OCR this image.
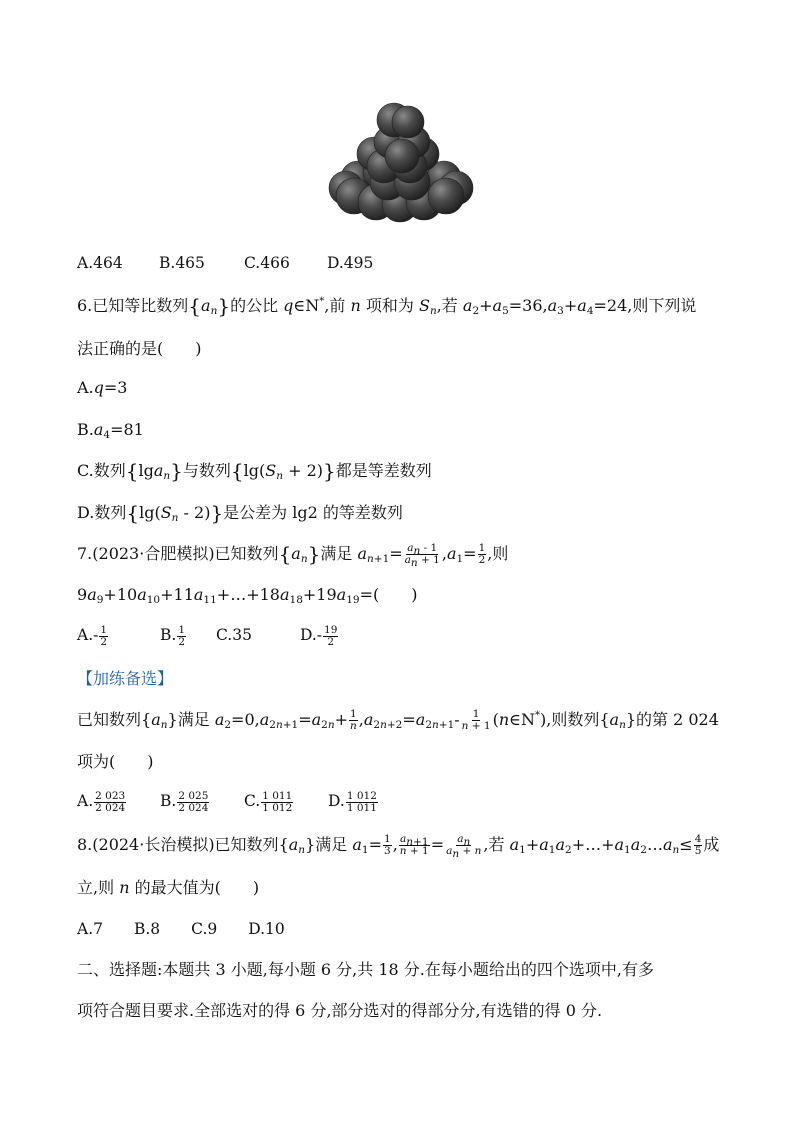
A.464 B.465	C.466 D.495
6.已知等比数列$\{a_n\}$的公比 q∈N*,前 n 项和为 $S_n$,若 $a_2+a_5=36,a_3+a_4=24$,则下列说
法正确的是(　　)
A.q=3
$B.a_4=81$
C.数列{lga$_n$}与数列$\{\lg(S_n + 2)\}$都是等差数列
D.数列$\{\lg(S_n - 2)\}$是公差为 lg2 的等差数列
7.(2023·合肥模拟)已知数列$\{a_n\}$满足 $a_{n+1}= \frac{a_n - 1}{a_n + 1} ,a_1= \frac{1}{2}$ ,则
$9a_9+10a_{10}+11a_{11}+\dots+18a_{18}+19a_{19}=$(　　)
$A.- \frac{1}{2}$	B. $\frac{1}{2} C.35$	$D.- \frac{19}{2}$
【加练备选】
已知数列$\{a_n\}$满足 $a_2=0,a_{2n+1}=a_{2n}+ \frac{1}{n} ,a_{2n+2}=a_{2n+1}- \frac{1}{n + 1}$ (n∈N*),则数列$\{a_n\}$的第 2 024
项为(　　)
A. $\frac{2 023}{2 024} B$. $\frac{2 025}{2 024} C$. $\frac{1 011}{1 012} D$. $\frac{1 012}{1 011}$
8.(2024·长治模拟)已知数列$\{a_n\}$满足 $a_1= \frac{1}{3}$ , $\frac{a_{n+1}}{n + 1} = \frac{a_n}{a_n + n}$ ,若 $a_1+a_1a_2+\dots+a_1a_2\dots a_n\le \frac{4}{5}$ 成
立,则 n 的最大值为(　　)
A.7　　B.8　　C.9　　D.10
二、选择题:本题共 3 小题,每小题 6 分,共 18 分.在每小题给出的四个选项中,有多
项符合题目要求.全部选对的得 6 分,部分选对的得部分分,有选错的得 0 分.
